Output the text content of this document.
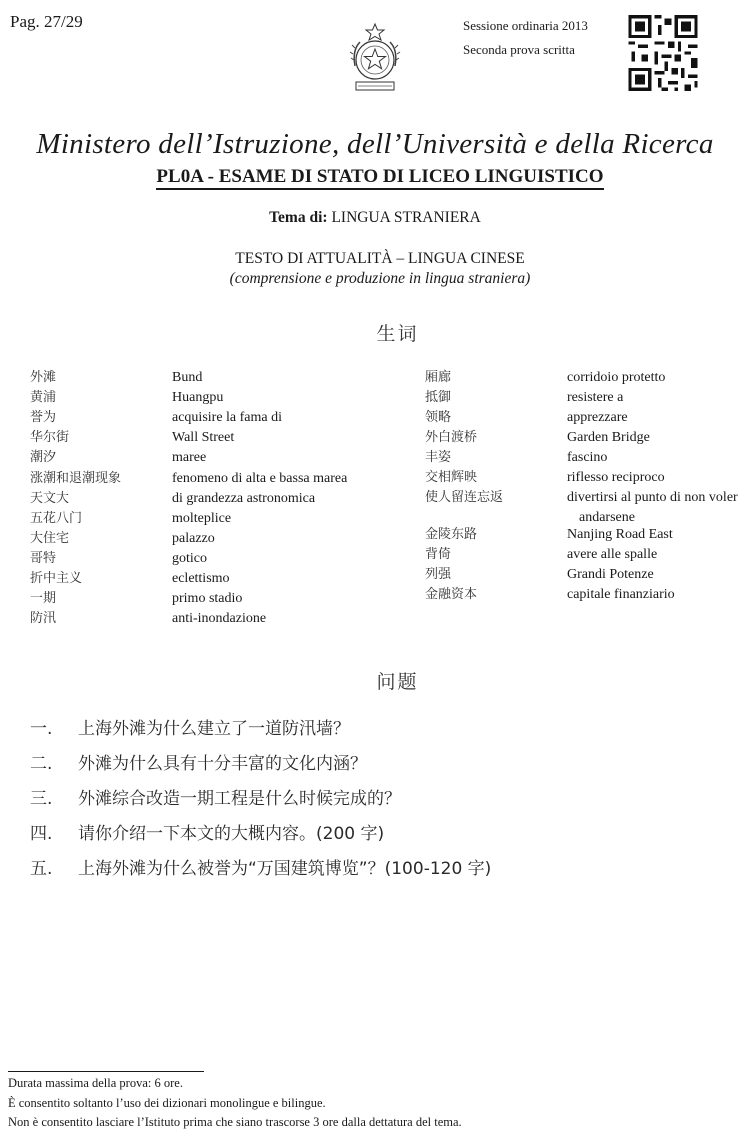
Pag. 27/29	Sessione ordinaria 2013
Seconda prova scritta
Ministero dell’Istruzione, dell’Università e della Ricerca
PL0A - ESAME DI STATO DI LICEO LINGUISTICO
Tema di: LINGUA STRANIERA
TESTO DI ATTUALITÀ – LINGUA CINESE
(comprensione e produzione in lingua straniera)
生词
外滩	Bund
黄浦	Huangpu
誉为	acquisire la fama di
华尔街	Wall Street
潮汐	maree
涨潮和退潮现象	fenomeno di alta e bassa marea
天文大	di grandezza astronomica
五花八门	molteplice
大住宅	palazzo
哥特	gotico
折中主义	eclettismo
一期	primo stadio
防汛	anti-inondazione
厢廊	corridoio protetto
抵御	resistere a
领略	apprezzare
外白渡桥	Garden Bridge
丰姿	fascino
交相辉映	riflesso reciproco
使人留连忘返	divertirsi al punto di non voler
andarsene
金陵东路	Nanjing Road East
背倚	avere alle spalle
列强	Grandi Potenze
金融资本	capitale finanziario
问题
一. 上海外滩为什么建立了一道防汛墙？
二. 外滩为什么具有十分丰富的文化内涵？
三. 外滩综合改造一期工程是什么时候完成的？
四. 请你介绍一下本文的大概内容。(200 字)
五. 上海外滩为什么被誉为“万国建筑博览”？(100-120 字)
Durata massima della prova: 6 ore.
È consentito soltanto l’uso dei dizionari monolingue e bilingue.
Non è consentito lasciare l’Istituto prima che siano trascorse 3 ore dalla dettatura del tema.
